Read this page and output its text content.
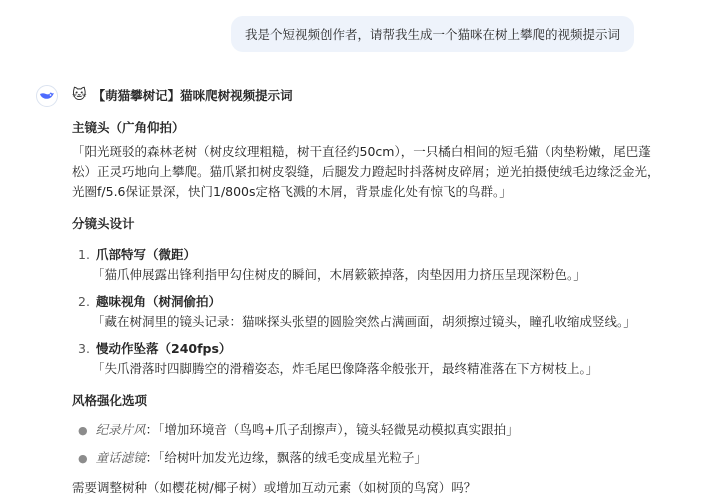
我是个短视频创作者，请帮我生成一个猫咪在树上攀爬的视频提示词
🐱 【萌猫攀树记】猫咪爬树视频提示词
主镜头（广角仰拍）
「阳光斑驳的森林老树（树皮纹理粗糙，树干直径约50cm），一只橘白相间的短毛猫（肉垫粉嫩，尾巴蓬
松）正灵巧地向上攀爬。猫爪紧扣树皮裂缝，后腿发力蹬起时抖落树皮碎屑；逆光拍摄使绒毛边缘泛金光，
光圈f/5.6保证景深，快门1/800s定格飞溅的木屑，背景虚化处有惊飞的鸟群。」
分镜头设计
1. 爪部特写（微距）
「猫爪伸展露出锋利指甲勾住树皮的瞬间，木屑簌簌掉落，肉垫因用力挤压呈现深粉色。」
2. 趣味视角（树洞偷拍）
「藏在树洞里的镜头记录：猫咪探头张望的圆脸突然占满画面，胡须擦过镜头，瞳孔收缩成竖线。」
3. 慢动作坠落（240fps）
「失爪滑落时四脚腾空的滑稽姿态，炸毛尾巴像降落伞般张开，最终精准落在下方树枝上。」
风格强化选项
● 纪录片风：「增加环境音（鸟鸣+爪子刮擦声），镜头轻微晃动模拟真实跟拍」
● 童话滤镜：「给树叶加发光边缘，飘落的绒毛变成星光粒子」
需要调整树种（如樱花树/椰子树）或增加互动元素（如树顶的鸟窝）吗？
